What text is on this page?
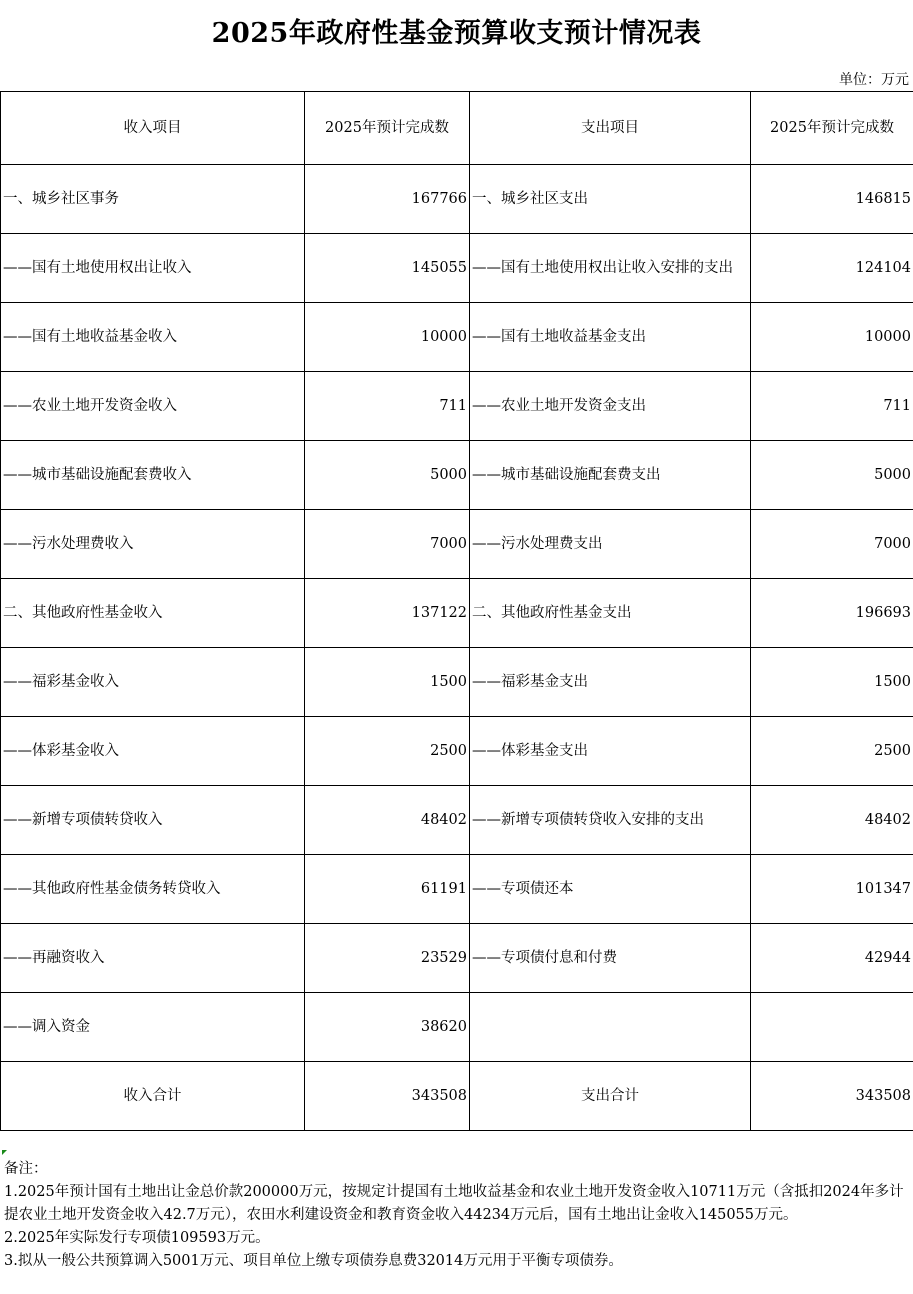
2025年政府性基金预算收支预计情况表
单位：万元
收入项目	2025年预计完成数	支出项目	2025年预计完成数
一、城乡社区事务	167766	一、城乡社区支出	146815
——国有土地使用权出让收入	145055	——国有土地使用权出让收入安排的支出	124104
——国有土地收益基金收入	10000	——国有土地收益基金支出	10000
——农业土地开发资金收入	711	——农业土地开发资金支出	711
——城市基础设施配套费收入	5000	——城市基础设施配套费支出	5000
——污水处理费收入	7000	——污水处理费支出	7000
二、其他政府性基金收入	137122	二、其他政府性基金支出	196693
——福彩基金收入	1500	——福彩基金支出	1500
——体彩基金收入	2500	——体彩基金支出	2500
——新增专项债转贷收入	48402	——新增专项债转贷收入安排的支出	48402
——其他政府性基金债务转贷收入	61191	——专项债还本	101347
——再融资收入	23529	——专项债付息和付费	42944
——调入资金	38620		
收入合计	343508	支出合计	343508
备注：
1.2025年预计国有土地出让金总价款200000万元，按规定计提国有土地收益基金和农业土地开发资金收入10711万元（含抵扣2024年多计提农业土地开发资金收入42.7万元），农田水利建设资金和教育资金收入44234万元后，国有土地出让金收入145055万元。
2.2025年实际发行专项债109593万元。
3.拟从一般公共预算调入5001万元、项目单位上缴专项债券息费32014万元用于平衡专项债券。
